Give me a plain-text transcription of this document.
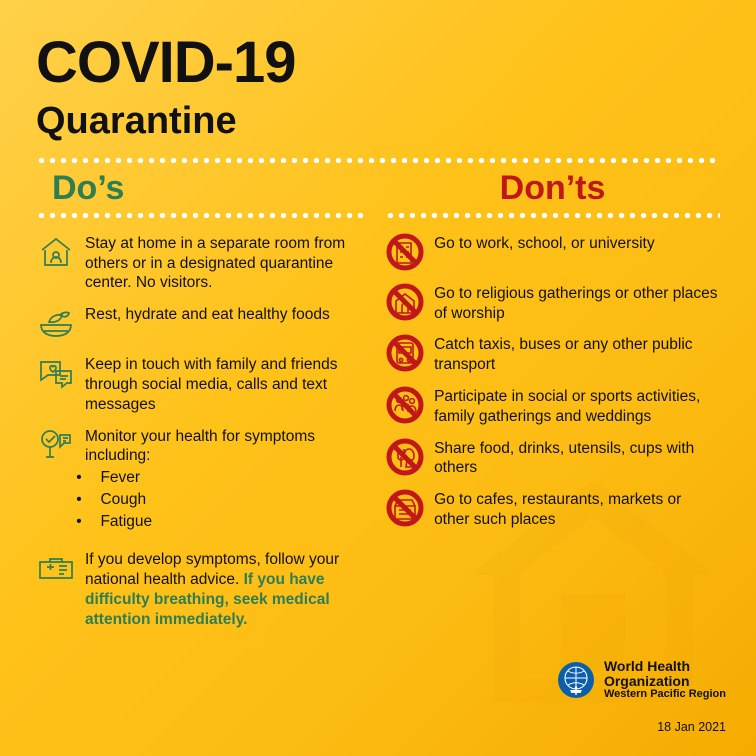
COVID-19
Quarantine
Do’s
Stay at home in a separate room from others or in a designated quarantine center. No visitors.
Rest, hydrate and eat healthy foods
Keep in touch with family and friends through social media, calls and text messages
Monitor your health for symptoms including:
• Fever
• Cough
• Fatigue
If you develop symptoms, follow your national health advice. If you have difficulty breathing, seek medical attention immediately.
Don’ts
Go to work, school, or university
Go to religious gatherings or other places of worship
Catch taxis, buses or any other public transport
Participate in social or sports activities, family gatherings and weddings
Share food, drinks, utensils, cups with others
Go to cafes, restaurants, markets or other such places
World Health
Organization
Western Pacific Region
18 Jan 2021
